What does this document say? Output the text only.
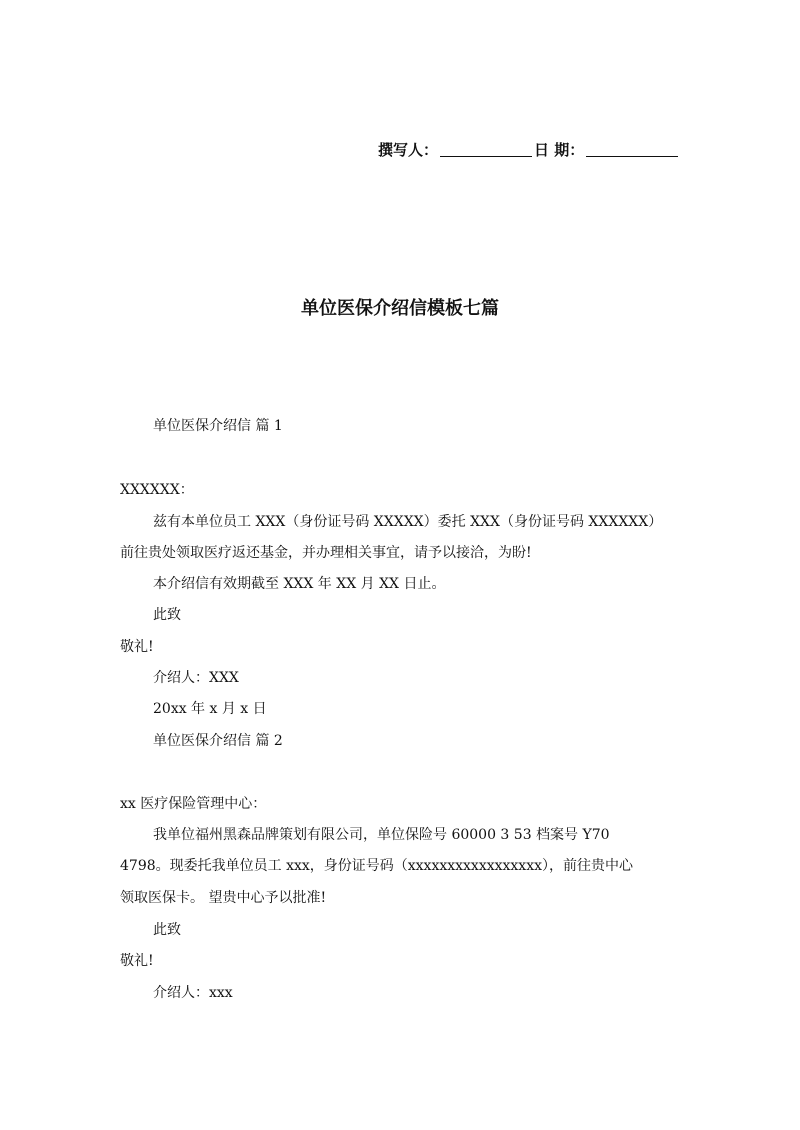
撰写人：	日 期：
单位医保介绍信模板七篇
单位医保介绍信 篇 1
XXXXXX：
兹有本单位员工 XXX（身份证号码 XXXXX）委托 XXX（身份证号码 XXXXXX）
前往贵处领取医疗返还基金，并办理相关事宜，请予以接洽，为盼!
本介绍信有效期截至 XXX 年 XX 月 XX 日止。
此致
敬礼!
介绍人：XXX
20xx 年 x 月 x 日
单位医保介绍信 篇 2
xx 医疗保险管理中心：
我单位福州黑森品牌策划有限公司，单位保险号 60000 3 53 档案号 Y70
4798。现委托我单位员工 xxx，身份证号码（xxxxxxxxxxxxxxxxx），前往贵中心
领取医保卡。 望贵中心予以批准!
此致
敬礼!
介绍人：xxx
